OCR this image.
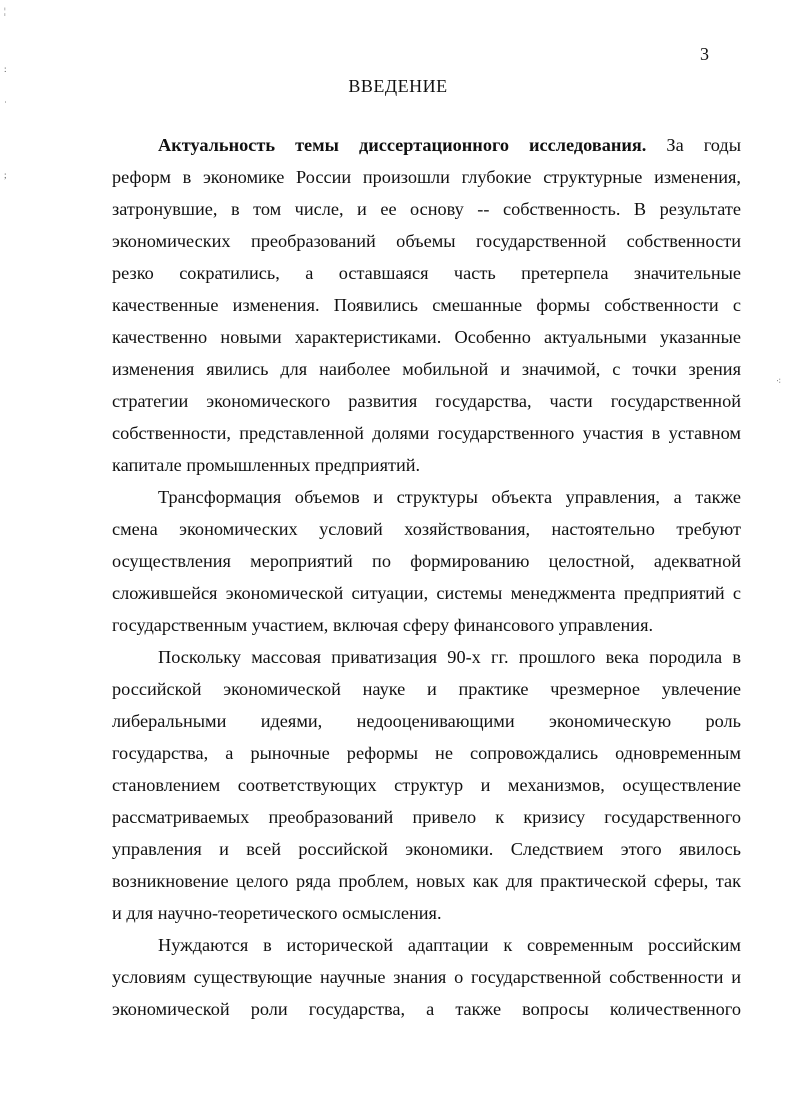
3
ВВЕДЕНИЕ
Актуальность темы диссертационного исследования. За годы
реформ в экономике России произошли глубокие структурные изменения,
затронувшие, в том числе, и ее основу -- собственность. В результате
экономических преобразований объемы государственной собственности
резко сократились, а оставшаяся часть претерпела значительные
качественные изменения. Появились смешанные формы собственности с
качественно новыми характеристиками. Особенно актуальными указанные
изменения явились для наиболее мобильной и значимой, с точки зрения
стратегии экономического развития государства, части государственной
собственности, представленной долями государственного участия в уставном
капитале промышленных предприятий.
Трансформация объемов и структуры объекта управления, а также
смена экономических условий хозяйствования, настоятельно требуют
осуществления мероприятий по формированию целостной, адекватной
сложившейся экономической ситуации, системы менеджмента предприятий с
государственным участием, включая сферу финансового управления.
Поскольку массовая приватизация 90-х гг. прошлого века породила в
российской экономической науке и практике чрезмерное увлечение
либеральными идеями, недооценивающими экономическую роль
государства, а рыночные реформы не сопровождались одновременным
становлением соответствующих структур и механизмов, осуществление
рассматриваемых преобразований привело к кризису государственного
управления и всей российской экономики. Следствием этого явилось
возникновение целого ряда проблем, новых как для практической сферы, так
и для научно-теоретического осмысления.
Нуждаются в исторической адаптации к современным российским
условиям существующие научные знания о государственной собственности и
экономической роли государства, а также вопросы количественного
¦
:
˙
;
⁖
